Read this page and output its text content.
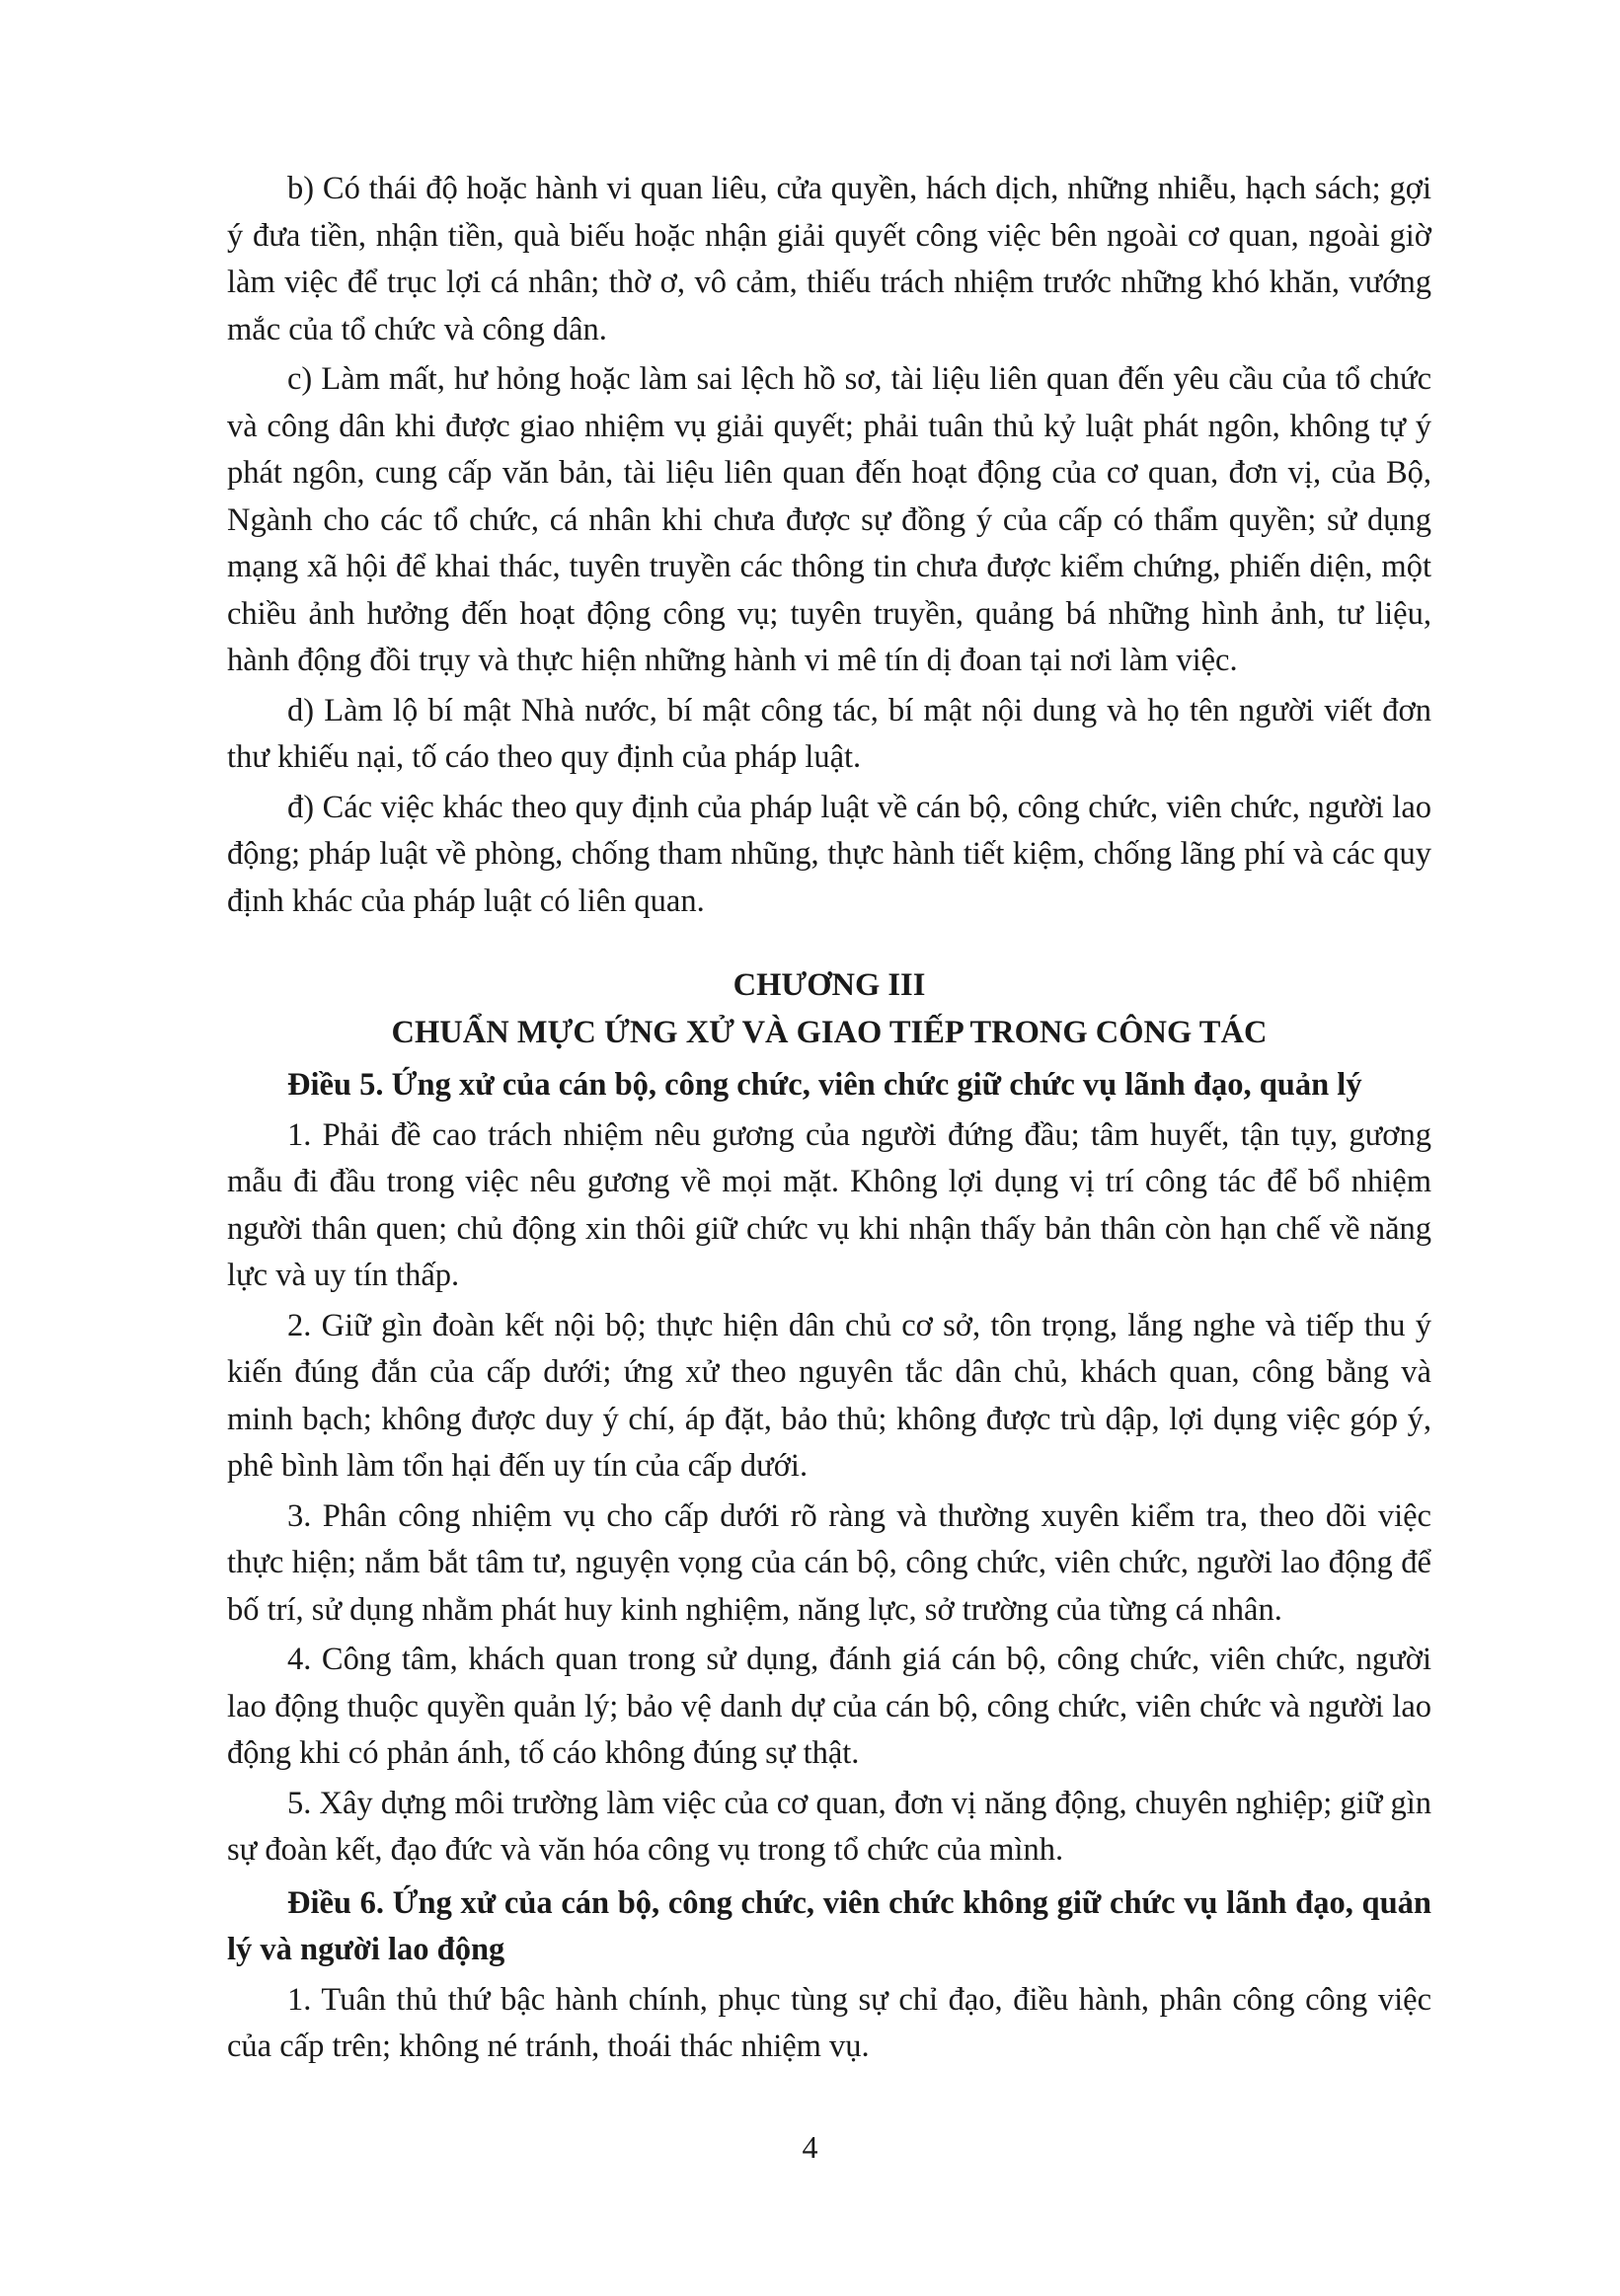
b) Có thái độ hoặc hành vi quan liêu, cửa quyền, hách dịch, những nhiễu, hạch sách; gợi ý đưa tiền, nhận tiền, quà biếu hoặc nhận giải quyết công việc bên ngoài cơ quan, ngoài giờ làm việc để trục lợi cá nhân; thờ ơ, vô cảm, thiếu trách nhiệm trước những khó khăn, vướng mắc của tổ chức và công dân.

c) Làm mất, hư hỏng hoặc làm sai lệch hồ sơ, tài liệu liên quan đến yêu cầu của tổ chức và công dân khi được giao nhiệm vụ giải quyết; phải tuân thủ kỷ luật phát ngôn, không tự ý phát ngôn, cung cấp văn bản, tài liệu liên quan đến hoạt động của cơ quan, đơn vị, của Bộ, Ngành cho các tổ chức, cá nhân khi chưa được sự đồng ý của cấp có thẩm quyền; sử dụng mạng xã hội để khai thác, tuyên truyền các thông tin chưa được kiểm chứng, phiến diện, một chiều ảnh hưởng đến hoạt động công vụ; tuyên truyền, quảng bá những hình ảnh, tư liệu, hành động đồi trụy và thực hiện những hành vi mê tín dị đoan tại nơi làm việc.

d) Làm lộ bí mật Nhà nước, bí mật công tác, bí mật nội dung và họ tên người viết đơn thư khiếu nại, tố cáo theo quy định của pháp luật.

đ) Các việc khác theo quy định của pháp luật về cán bộ, công chức, viên chức, người lao động; pháp luật về phòng, chống tham nhũng, thực hành tiết kiệm, chống lãng phí và các quy định khác của pháp luật có liên quan.

CHƯƠNG III

CHUẨN MỰC ỨNG XỬ VÀ GIAO TIẾP TRONG CÔNG TÁC

Điều 5. Ứng xử của cán bộ, công chức, viên chức giữ chức vụ lãnh đạo, quản lý

1. Phải đề cao trách nhiệm nêu gương của người đứng đầu; tâm huyết, tận tụy, gương mẫu đi đầu trong việc nêu gương về mọi mặt. Không lợi dụng vị trí công tác để bổ nhiệm người thân quen; chủ động xin thôi giữ chức vụ khi nhận thấy bản thân còn hạn chế về năng lực và uy tín thấp.

2. Giữ gìn đoàn kết nội bộ; thực hiện dân chủ cơ sở, tôn trọng, lắng nghe và tiếp thu ý kiến đúng đắn của cấp dưới; ứng xử theo nguyên tắc dân chủ, khách quan, công bằng và minh bạch; không được duy ý chí, áp đặt, bảo thủ; không được trù dập, lợi dụng việc góp ý, phê bình làm tổn hại đến uy tín của cấp dưới.

3. Phân công nhiệm vụ cho cấp dưới rõ ràng và thường xuyên kiểm tra, theo dõi việc thực hiện; nắm bắt tâm tư, nguyện vọng của cán bộ, công chức, viên chức, người lao động để bố trí, sử dụng nhằm phát huy kinh nghiệm, năng lực, sở trường của từng cá nhân.

4. Công tâm, khách quan trong sử dụng, đánh giá cán bộ, công chức, viên chức, người lao động thuộc quyền quản lý; bảo vệ danh dự của cán bộ, công chức, viên chức và người lao động khi có phản ánh, tố cáo không đúng sự thật.

5. Xây dựng môi trường làm việc của cơ quan, đơn vị năng động, chuyên nghiệp; giữ gìn sự đoàn kết, đạo đức và văn hóa công vụ trong tổ chức của mình.

Điều 6. Ứng xử của cán bộ, công chức, viên chức không giữ chức vụ lãnh đạo, quản lý và người lao động

1. Tuân thủ thứ bậc hành chính, phục tùng sự chỉ đạo, điều hành, phân công công việc của cấp trên; không né tránh, thoái thác nhiệm vụ.

4
